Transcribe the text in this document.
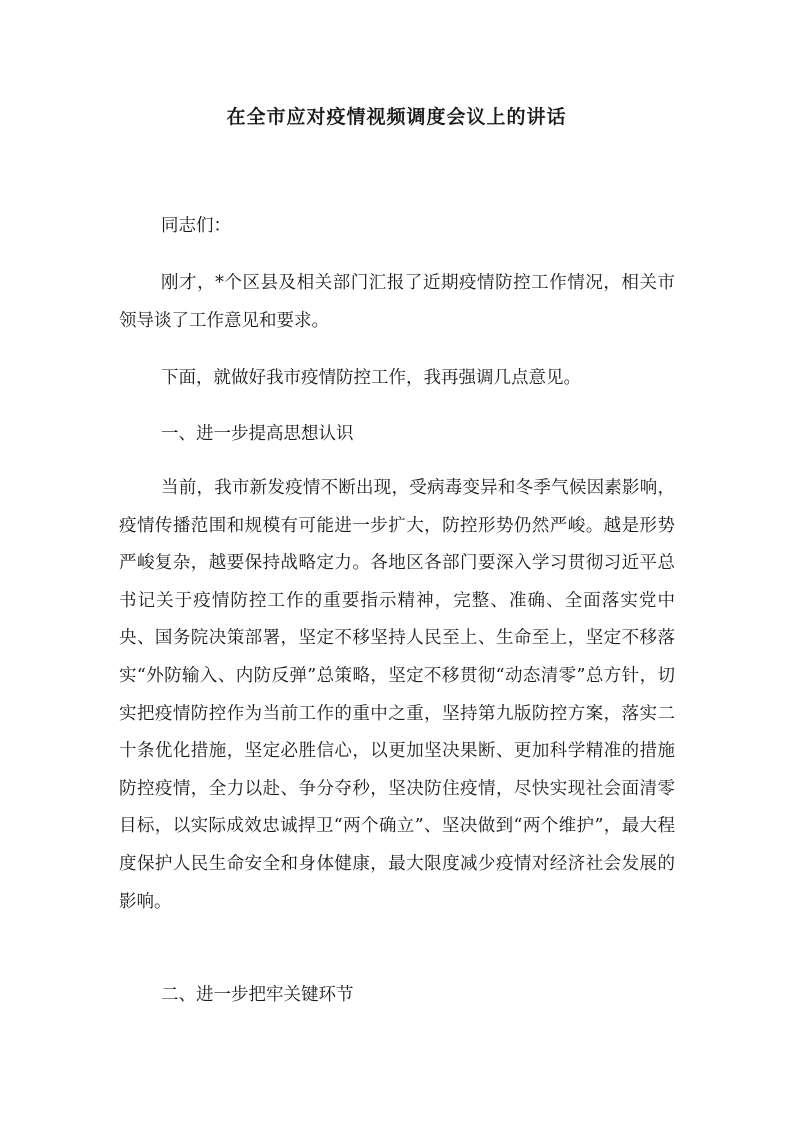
在全市应对疫情视频调度会议上的讲话

同志们：

刚才，*个区县及相关部门汇报了近期疫情防控工作情况，相关市领导谈了工作意见和要求。

下面，就做好我市疫情防控工作，我再强调几点意见。

一、进一步提高思想认识

当前，我市新发疫情不断出现，受病毒变异和冬季气候因素影响，疫情传播范围和规模有可能进一步扩大，防控形势仍然严峻。越是形势严峻复杂，越要保持战略定力。各地区各部门要深入学习贯彻习近平总书记关于疫情防控工作的重要指示精神，完整、准确、全面落实党中央、国务院决策部署，坚定不移坚持人民至上、生命至上，坚定不移落实“外防输入、内防反弹”总策略，坚定不移贯彻“动态清零”总方针，切实把疫情防控作为当前工作的重中之重，坚持第九版防控方案，落实二十条优化措施，坚定必胜信心，以更加坚决果断、更加科学精准的措施防控疫情，全力以赴、争分夺秒，坚决防住疫情，尽快实现社会面清零目标，以实际成效忠诚捍卫“两个确立”、坚决做到“两个维护”，最大程度保护人民生命安全和身体健康，最大限度减少疫情对经济社会发展的影响。

二、进一步把牢关键环节
